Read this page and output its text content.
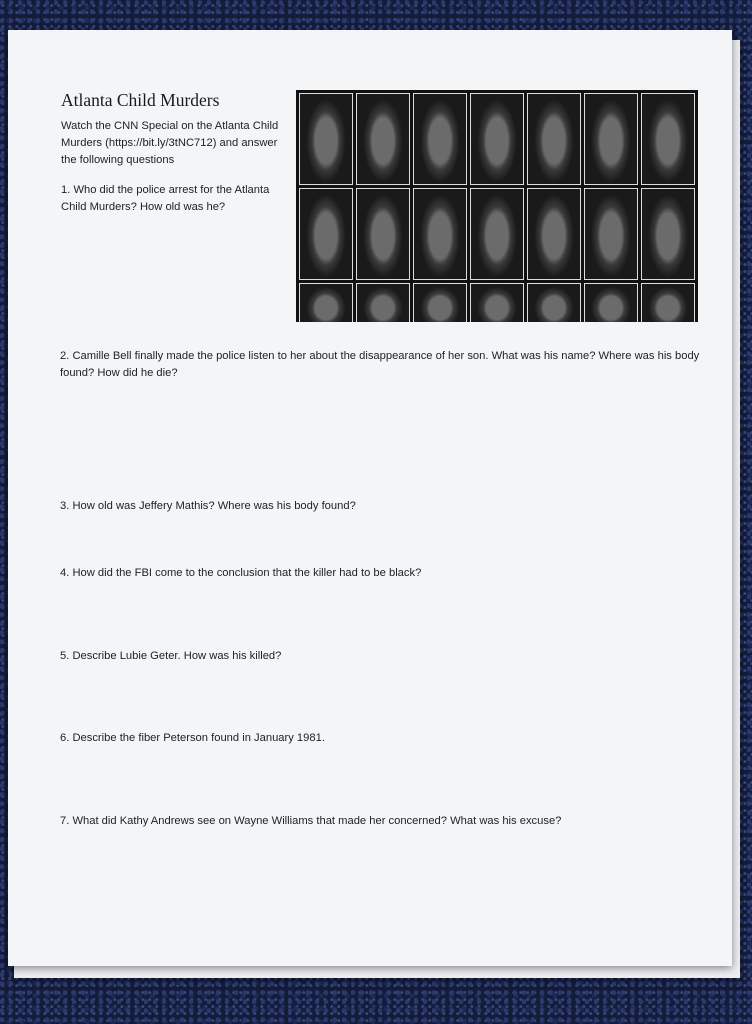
Atlanta Child Murders
Watch the CNN Special on the Atlanta Child Murders (https://bit.ly/3tNC712) and answer the following questions
1. Who did the police arrest for the Atlanta Child Murders? How old was he?
2. Camille Bell finally made the police listen to her about the disappearance of her son. What was his name? Where was his body found? How did he die?
3. How old was Jeffery Mathis? Where was his body found?
4. How did the FBI come to the conclusion that the killer had to be black?
5. Describe Lubie Geter. How was his killed?
6. Describe the fiber Peterson found in January 1981.
7. What did Kathy Andrews see on Wayne Williams that made her concerned? What was his excuse?
